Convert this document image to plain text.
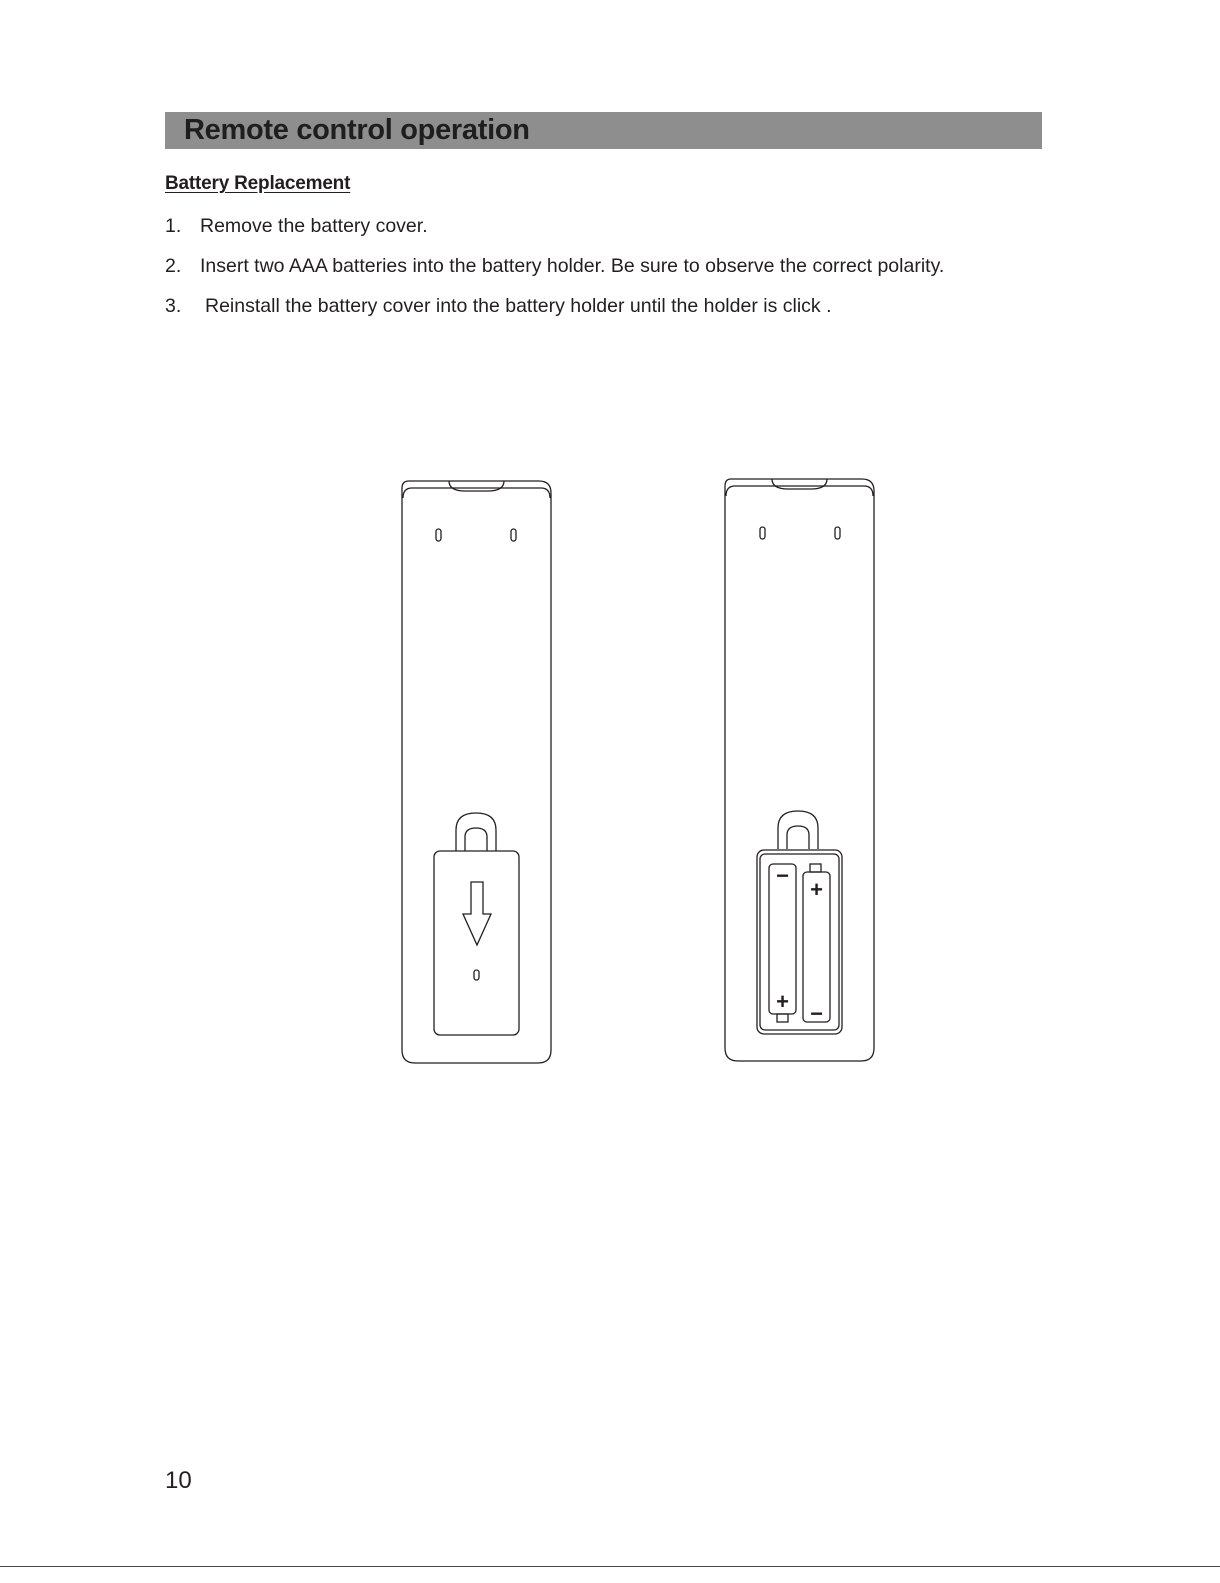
Remote control operation
Battery Replacement
1. Remove the battery cover.
2. Insert two AAA batteries into the battery holder. Be sure to observe the correct polarity.
3. Reinstall the battery cover into the battery holder until the holder is click .
−
+
+
−
10
